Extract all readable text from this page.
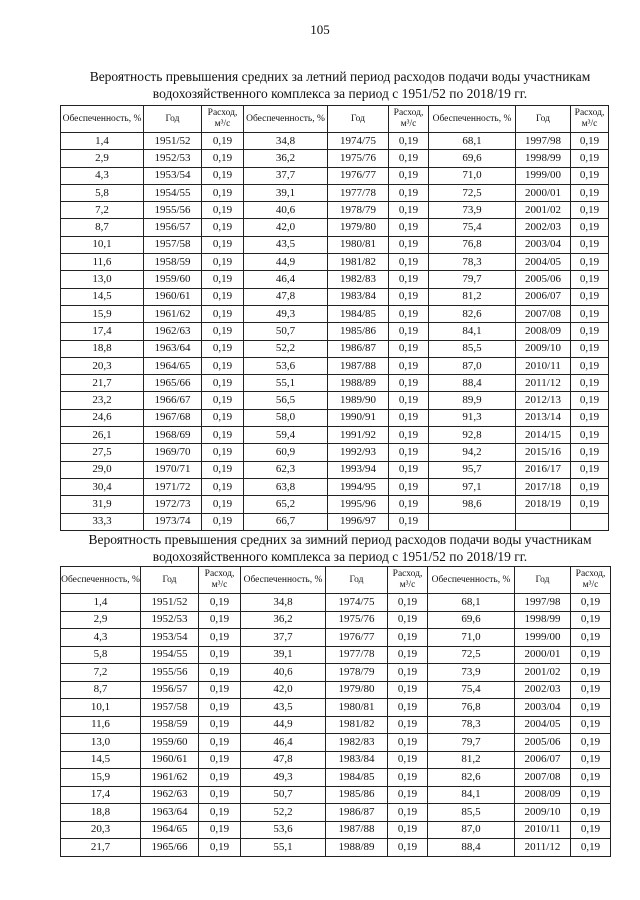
105
Вероятность превышения средних за летний период расходов подачи воды участникам
водохозяйственного комплекса за период с 1951/52 по 2018/19 гг.
Обеспеченность, %	Год	Расход, м³/с	Обеспеченность, %	Год	Расход, м³/с	Обеспеченность, %	Год	Расход, м³/с
1,4	1951/52	0,19	34,8	1974/75	0,19	68,1	1997/98	0,19
2,9	1952/53	0,19	36,2	1975/76	0,19	69,6	1998/99	0,19
4,3	1953/54	0,19	37,7	1976/77	0,19	71,0	1999/00	0,19
5,8	1954/55	0,19	39,1	1977/78	0,19	72,5	2000/01	0,19
7,2	1955/56	0,19	40,6	1978/79	0,19	73,9	2001/02	0,19
8,7	1956/57	0,19	42,0	1979/80	0,19	75,4	2002/03	0,19
10,1	1957/58	0,19	43,5	1980/81	0,19	76,8	2003/04	0,19
11,6	1958/59	0,19	44,9	1981/82	0,19	78,3	2004/05	0,19
13,0	1959/60	0,19	46,4	1982/83	0,19	79,7	2005/06	0,19
14,5	1960/61	0,19	47,8	1983/84	0,19	81,2	2006/07	0,19
15,9	1961/62	0,19	49,3	1984/85	0,19	82,6	2007/08	0,19
17,4	1962/63	0,19	50,7	1985/86	0,19	84,1	2008/09	0,19
18,8	1963/64	0,19	52,2	1986/87	0,19	85,5	2009/10	0,19
20,3	1964/65	0,19	53,6	1987/88	0,19	87,0	2010/11	0,19
21,7	1965/66	0,19	55,1	1988/89	0,19	88,4	2011/12	0,19
23,2	1966/67	0,19	56,5	1989/90	0,19	89,9	2012/13	0,19
24,6	1967/68	0,19	58,0	1990/91	0,19	91,3	2013/14	0,19
26,1	1968/69	0,19	59,4	1991/92	0,19	92,8	2014/15	0,19
27,5	1969/70	0,19	60,9	1992/93	0,19	94,2	2015/16	0,19
29,0	1970/71	0,19	62,3	1993/94	0,19	95,7	2016/17	0,19
30,4	1971/72	0,19	63,8	1994/95	0,19	97,1	2017/18	0,19
31,9	1972/73	0,19	65,2	1995/96	0,19	98,6	2018/19	0,19
33,3	1973/74	0,19	66,7	1996/97	0,19			
Вероятность превышения средних за зимний период расходов подачи воды участникам
водохозяйственного комплекса за период с 1951/52 по 2018/19 гг.
Обеспеченность, %	Год	Расход, м³/с	Обеспеченность, %	Год	Расход, м³/с	Обеспеченность, %	Год	Расход, м³/с
1,4	1951/52	0,19	34,8	1974/75	0,19	68,1	1997/98	0,19
2,9	1952/53	0,19	36,2	1975/76	0,19	69,6	1998/99	0,19
4,3	1953/54	0,19	37,7	1976/77	0,19	71,0	1999/00	0,19
5,8	1954/55	0,19	39,1	1977/78	0,19	72,5	2000/01	0,19
7,2	1955/56	0,19	40,6	1978/79	0,19	73,9	2001/02	0,19
8,7	1956/57	0,19	42,0	1979/80	0,19	75,4	2002/03	0,19
10,1	1957/58	0,19	43,5	1980/81	0,19	76,8	2003/04	0,19
11,6	1958/59	0,19	44,9	1981/82	0,19	78,3	2004/05	0,19
13,0	1959/60	0,19	46,4	1982/83	0,19	79,7	2005/06	0,19
14,5	1960/61	0,19	47,8	1983/84	0,19	81,2	2006/07	0,19
15,9	1961/62	0,19	49,3	1984/85	0,19	82,6	2007/08	0,19
17,4	1962/63	0,19	50,7	1985/86	0,19	84,1	2008/09	0,19
18,8	1963/64	0,19	52,2	1986/87	0,19	85,5	2009/10	0,19
20,3	1964/65	0,19	53,6	1987/88	0,19	87,0	2010/11	0,19
21,7	1965/66	0,19	55,1	1988/89	0,19	88,4	2011/12	0,19
